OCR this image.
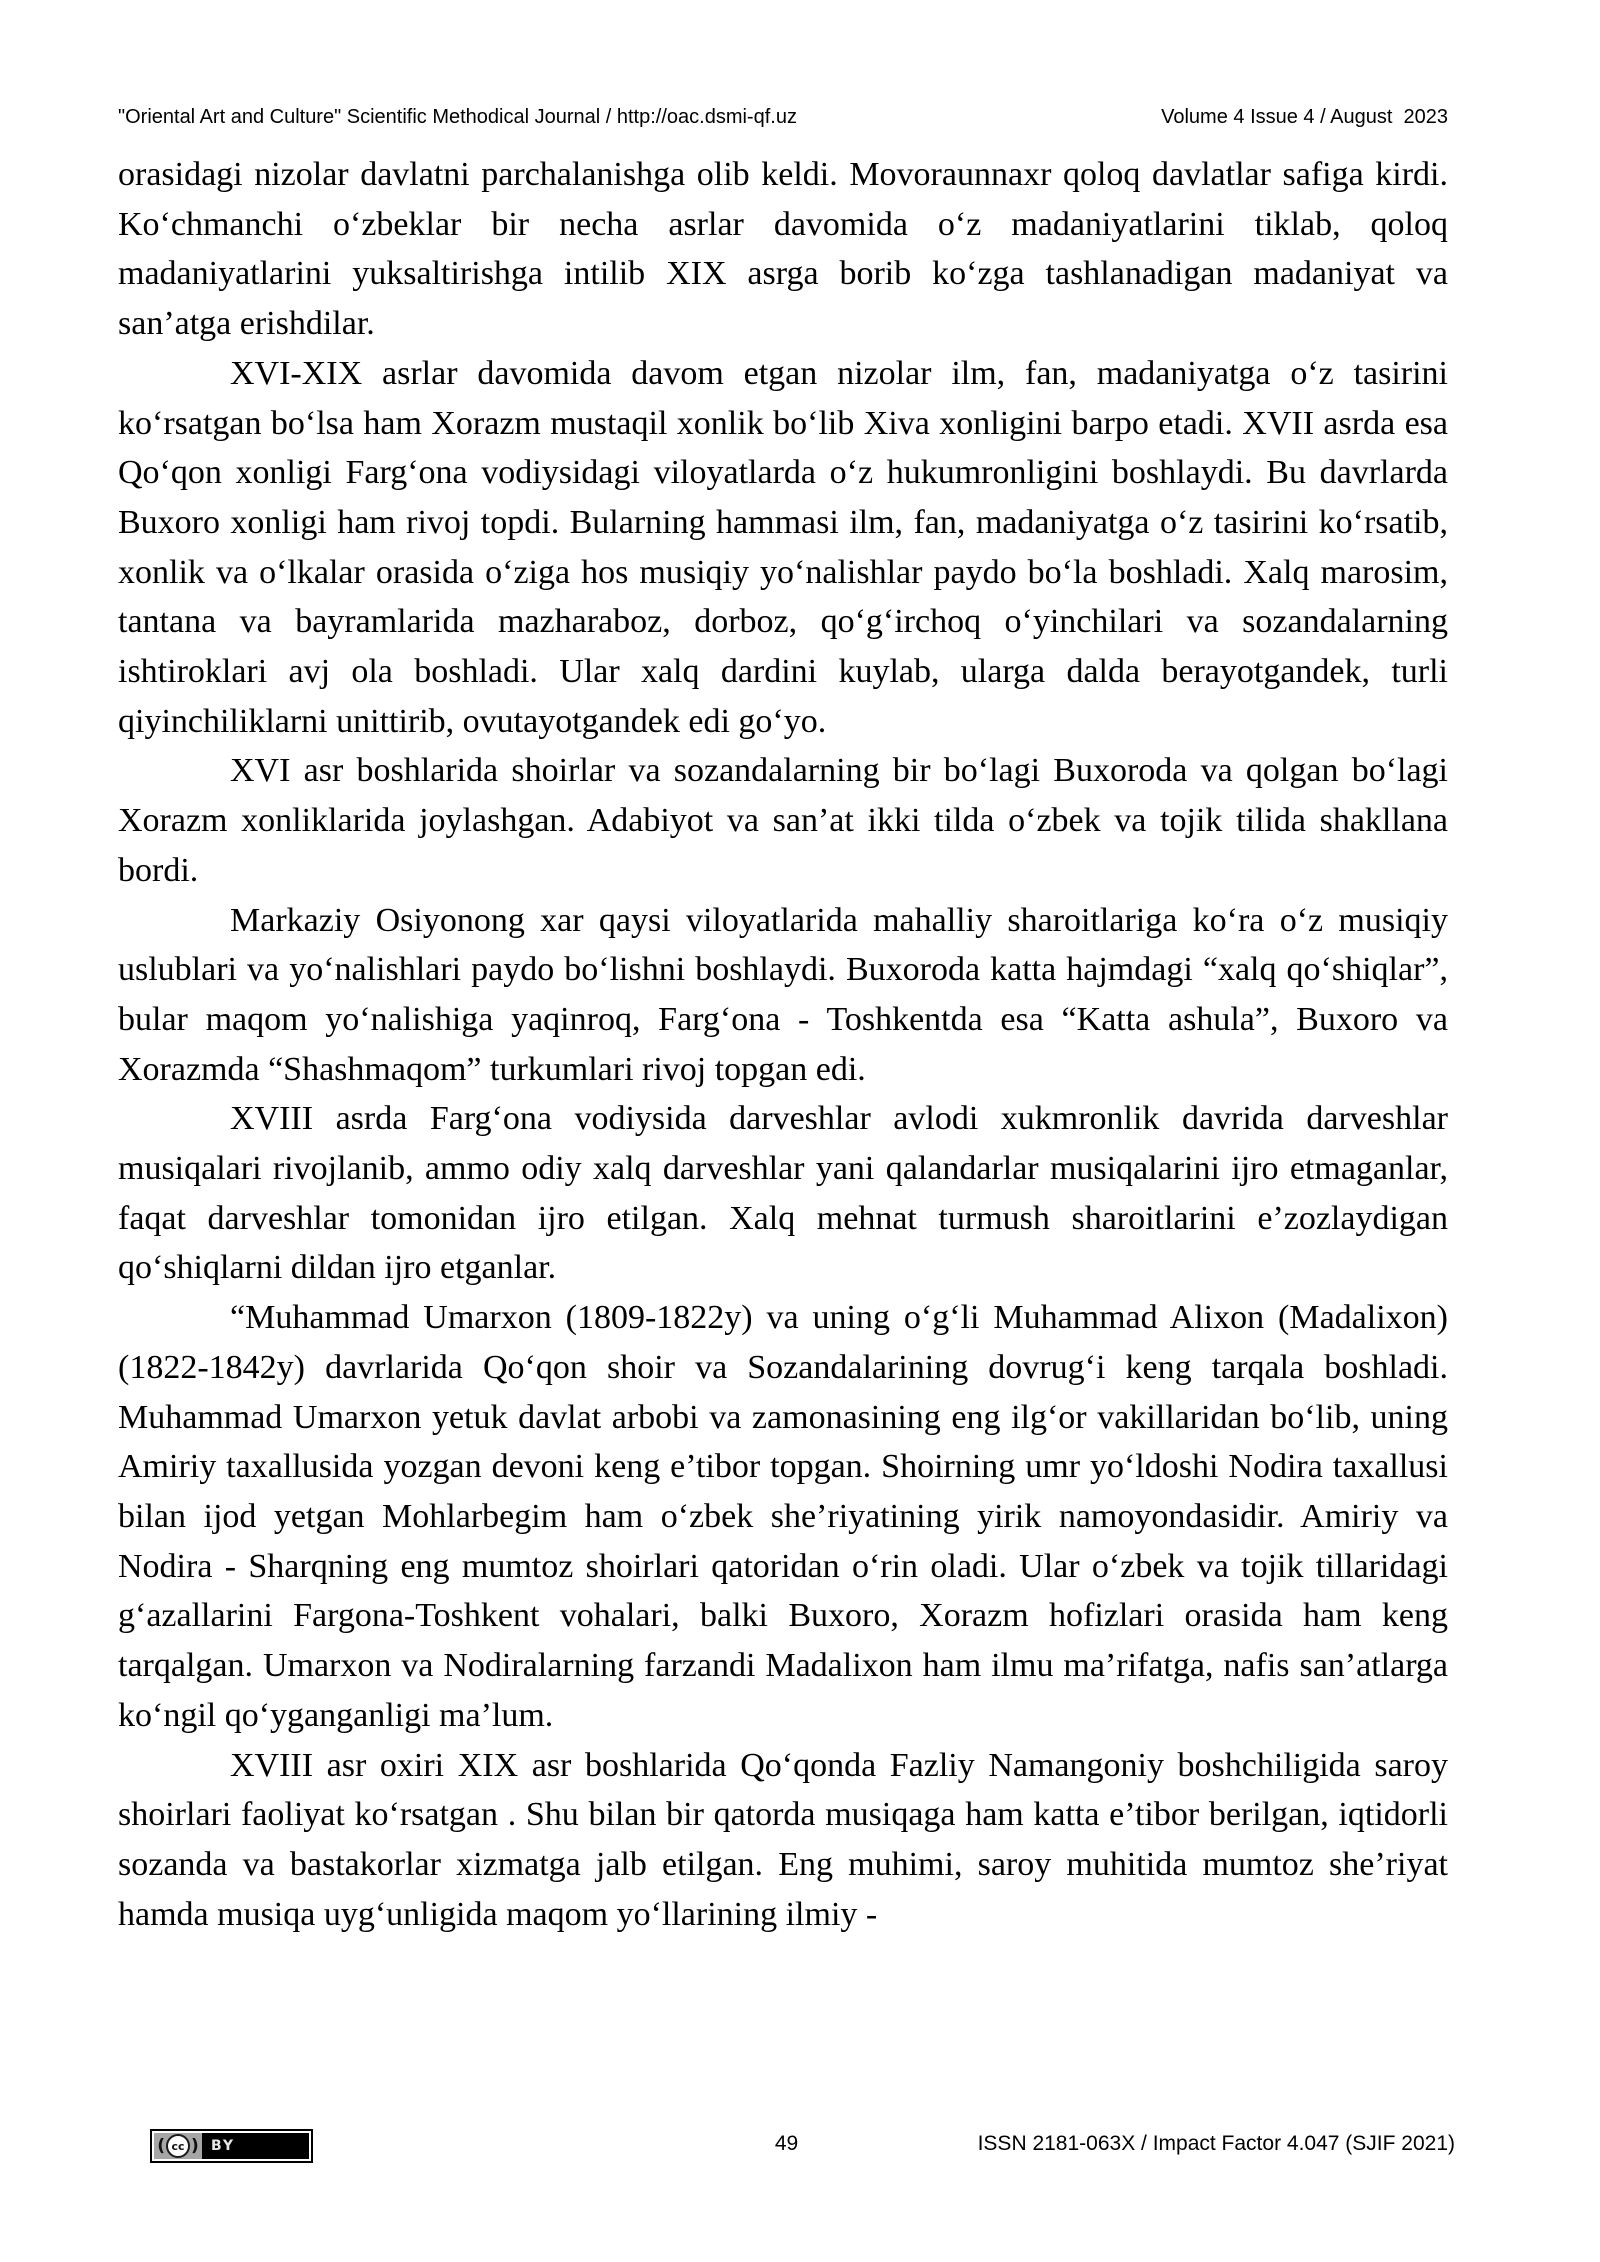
"Oriental Art and Culture" Scientific Methodical Journal / http://oac.dsmi-qf.uz	Volume 4 Issue 4 / August  2023

orasidagi nizolar davlatni parchalanishga olib keldi. Movoraunnaxr qoloq davlatlar safiga kirdi. Ko‘chmanchi o‘zbeklar bir necha asrlar davomida o‘z madaniyatlarini tiklab, qoloq madaniyatlarini yuksaltirishga intilib XIX asrga borib ko‘zga tashlanadigan madaniyat va san’atga erishdilar.

XVI-XIX asrlar davomida davom etgan nizolar ilm, fan, madaniyatga o‘z tasirini ko‘rsatgan bo‘lsa ham Xorazm mustaqil xonlik bo‘lib Xiva xonligini barpo etadi. XVII asrda esa Qo‘qon xonligi Farg‘ona vodiysidagi viloyatlarda o‘z hukumronligini boshlaydi. Bu davrlarda Buxoro xonligi ham rivoj topdi. Bularning hammasi ilm, fan, madaniyatga o‘z tasirini ko‘rsatib, xonlik va o‘lkalar orasida o‘ziga hos musiqiy yo‘nalishlar paydo bo‘la boshladi. Xalq marosim, tantana va bayramlarida mazharaboz, dorboz, qo‘g‘irchoq o‘yinchilari va sozandalarning ishtiroklari avj ola boshladi. Ular xalq dardini kuylab, ularga dalda berayotgandek, turli qiyinchiliklarni unittirib, ovutayotgandek edi go‘yo.

XVI asr boshlarida shoirlar va sozandalarning bir bo‘lagi Buxoroda va qolgan bo‘lagi Xorazm xonliklarida joylashgan. Adabiyot va san’at ikki tilda o‘zbek va tojik tilida shakllana bordi.

Markaziy Osiyonong xar qaysi viloyatlarida mahalliy sharoitlariga ko‘ra o‘z musiqiy uslublari va yo‘nalishlari paydo bo‘lishni boshlaydi. Buxoroda katta hajmdagi “xalq qo‘shiqlar”, bular maqom yo‘nalishiga yaqinroq, Farg‘ona - Toshkentda esa “Katta ashula”, Buxoro va Xorazmda “Shashmaqom” turkumlari rivoj topgan edi.

XVIII asrda Farg‘ona vodiysida darveshlar avlodi xukmronlik davrida darveshlar musiqalari rivojlanib, ammo odiy xalq darveshlar yani qalandarlar musiqalarini ijro etmaganlar, faqat darveshlar tomonidan ijro etilgan. Xalq mehnat turmush sharoitlarini e’zozlaydigan qo‘shiqlarni dildan ijro etganlar.

“Muhammad Umarxon (1809-1822y) va uning o‘g‘li Muhammad Alixon (Madalixon) (1822-1842y) davrlarida Qo‘qon shoir va Sozandalarining dovrug‘i keng tarqala boshladi. Muhammad Umarxon yetuk davlat arbobi va zamonasining eng ilg‘or vakillaridan bo‘lib, uning Amiriy taxallusida yozgan devoni keng e’tibor topgan. Shoirning umr yo‘ldoshi Nodira taxallusi bilan ijod yetgan Mohlarbegim ham o‘zbek she’riyatining yirik namoyondasidir. Amiriy va Nodira - Sharqning eng mumtoz shoirlari qatoridan o‘rin oladi. Ular o‘zbek va tojik tillaridagi g‘azallarini Fargona-Toshkent vohalari, balki Buxoro, Xorazm hofizlari orasida ham keng tarqalgan. Umarxon va Nodiralarning farzandi Madalixon ham ilmu ma’rifatga, nafis san’atlarga ko‘ngil qo‘yganganligi ma’lum.

XVIII asr oxiri XIX asr boshlarida Qo‘qonda Fazliy Namangoniy boshchiligida saroy shoirlari faoliyat ko‘rsatgan . Shu bilan bir qatorda musiqaga ham katta e’tibor berilgan, iqtidorli sozanda va bastakorlar xizmatga jalb etilgan. Eng muhimi, saroy muhitida mumtoz she’riyat hamda musiqa uyg‘unligida maqom yo‘llarining ilmiy -

( cc ) BY	49	ISSN 2181-063X / Impact Factor 4.047 (SJIF 2021)
